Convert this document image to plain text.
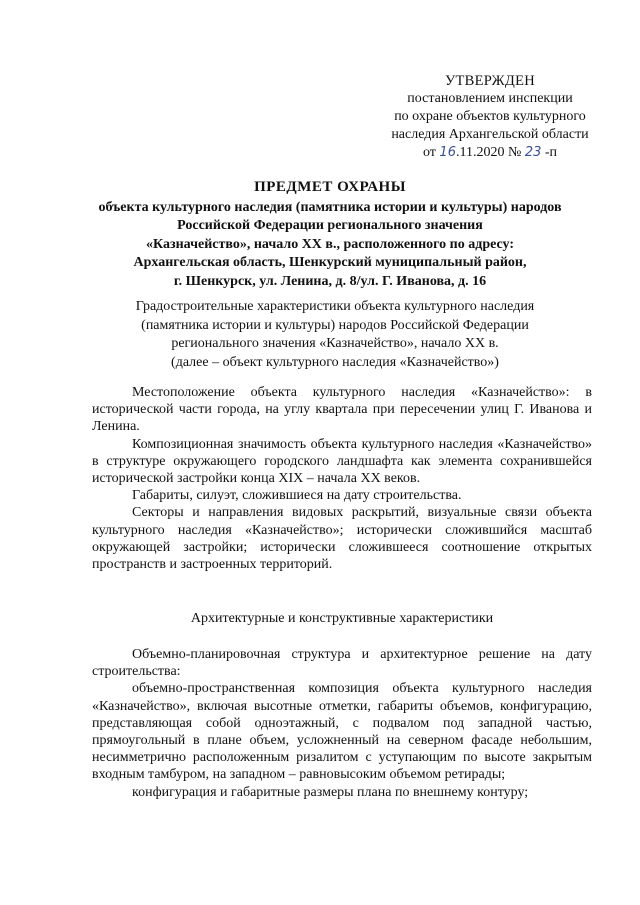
УТВЕРЖДЕН
постановлением инспекции
по охране объектов культурного
наследия Архангельской области
от 16.11.2020 № 23 -п
ПРЕДМЕТ ОХРАНЫ
объекта культурного наследия (памятника истории и культуры) народов
Российской Федерации регионального значения
«Казначейство», начало XX в., расположенного по адресу:
Архангельская область, Шенкурский муниципальный район,
г. Шенкурск, ул. Ленина, д. 8/ул. Г. Иванова, д. 16
Градостроительные характеристики объекта культурного наследия
(памятника истории и культуры) народов Российской Федерации
регионального значения «Казначейство», начало XX в.
(далее – объект культурного наследия «Казначейство»)

Местоположение объекта культурного наследия «Казначейство»: в исторической части города, на углу квартала при пересечении улиц Г. Иванова и Ленина.

Композиционная значимость объекта культурного наследия «Казначейство» в структуре окружающего городского ландшафта как элемента сохранившейся исторической застройки конца XIX – начала XX веков.

Габариты, силуэт, сложившиеся на дату строительства.

Секторы и направления видовых раскрытий, визуальные связи объекта культурного наследия «Казначейство»; исторически сложившийся масштаб окружающей застройки; исторически сложившееся соотношение открытых пространств и застроенных территорий.

Архитектурные и конструктивные характеристики

Объемно-планировочная структура и архитектурное решение на дату строительства:

объемно-пространственная композиция объекта культурного наследия «Казначейство», включая высотные отметки, габариты объемов, конфигурацию, представляющая собой одноэтажный, с подвалом под западной частью, прямоугольный в плане объем, усложненный на северном фасаде небольшим, несимметрично расположенным ризалитом с уступающим по высоте закрытым входным тамбуром, на западном – равновысоким объемом ретирады;

конфигурация и габаритные размеры плана по внешнему контуру;
